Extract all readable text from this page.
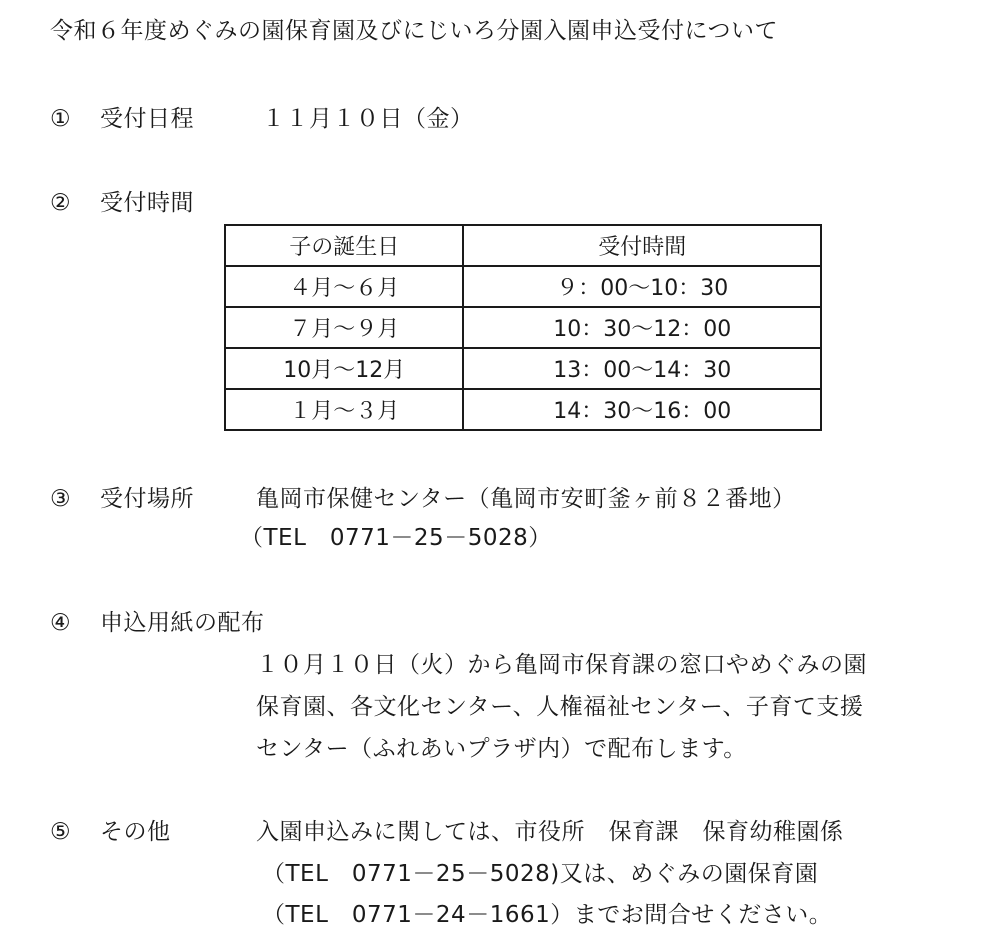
令和６年度めぐみの園保育園及びにじいろ分園入園申込受付について
① 受付日程	１１月１０日（金）
② 受付時間
子の誕生日	受付時間
４月～６月	９：00～10：30
７月～９月	10：30～12：00
10月～12月	13：00～14：30
１月～３月	14：30～16：00
③ 受付場所	亀岡市保健センター（亀岡市安町釜ヶ前８２番地）
（TEL　0771－25－5028）
④ 申込用紙の配布
１０月１０日（火）から亀岡市保育課の窓口やめぐみの園
保育園、各文化センター、人権福祉センター、子育て支援
センター（ふれあいプラザ内）で配布します。
⑤ その他	入園申込みに関しては、市役所　保育課　保育幼稚園係
（TEL　0771－25－5028)又は、めぐみの園保育園
（TEL　0771－24－1661）までお問合せください。
